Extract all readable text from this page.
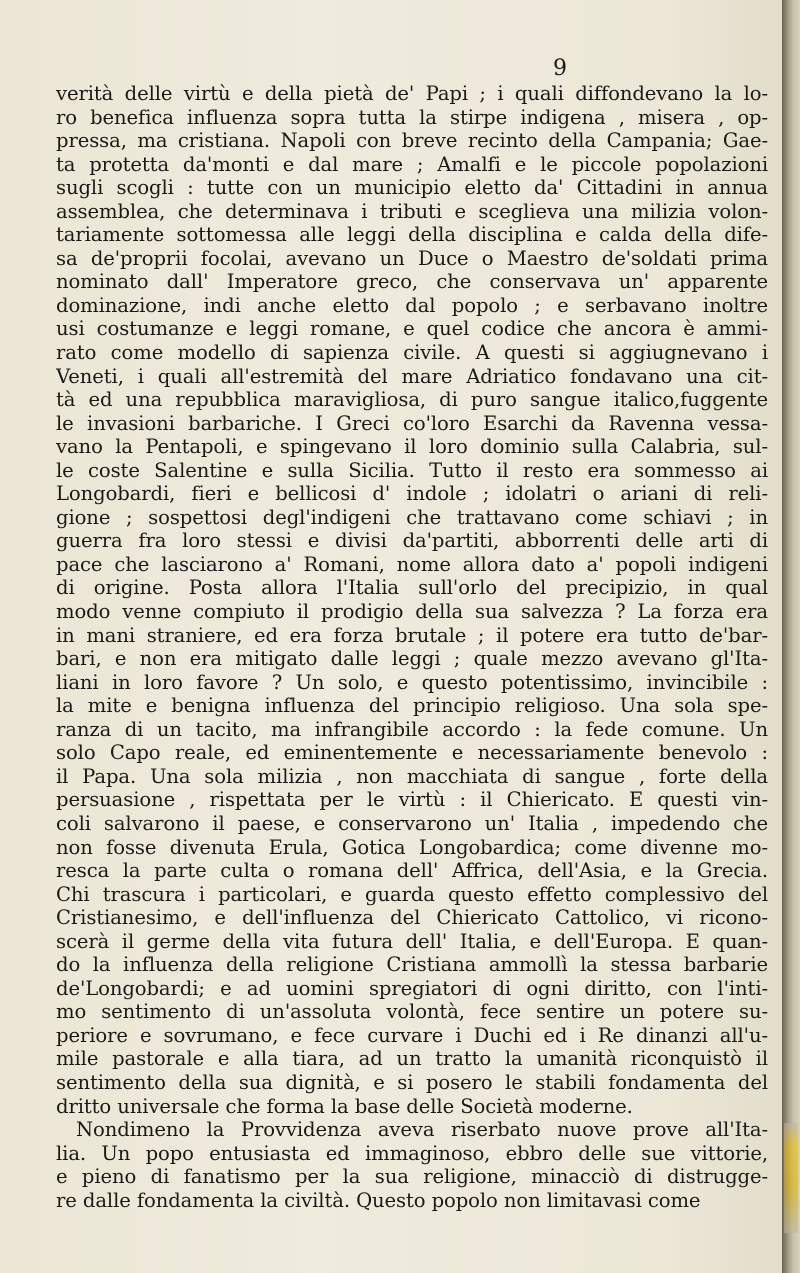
9
verità delle virtù e della pietà de' Papi ; i quali diffondevano la lo-
ro benefica influenza sopra tutta la stirpe indigena , misera , op-
pressa, ma cristiana. Napoli con breve recinto della Campania; Gae-
ta protetta da'monti e dal mare ; Amalfi e le piccole popolazioni
sugli scogli : tutte con un municipio eletto da' Cittadini in annua
assemblea, che determinava i tributi e sceglieva una milizia volon-
tariamente sottomessa alle leggi della disciplina e calda della dife-
sa de'proprii focolai, avevano un Duce o Maestro de'soldati prima
nominato dall' Imperatore greco, che conservava un' apparente
dominazione, indi anche eletto dal popolo ; e serbavano inoltre
usi costumanze e leggi romane, e quel codice che ancora è ammi-
rato come modello di sapienza civile. A questi si aggiugnevano i
Veneti, i quali all'estremità del mare Adriatico fondavano una cit-
tà ed una repubblica maravigliosa, di puro sangue italico,fuggente
le invasioni barbariche. I Greci co'loro Esarchi da Ravenna vessa-
vano la Pentapoli, e spingevano il loro dominio sulla Calabria, sul-
le coste Salentine e sulla Sicilia. Tutto il resto era sommesso ai
Longobardi, fieri e bellicosi d' indole ; idolatri o ariani di reli-
gione ; sospettosi degl'indigeni che trattavano come schiavi ; in
guerra fra loro stessi e divisi da'partiti, abborrenti delle arti di
pace che lasciarono a' Romani, nome allora dato a' popoli indigeni
di origine. Posta allora l'Italia sull'orlo del precipizio, in qual
modo venne compiuto il prodigio della sua salvezza ? La forza era
in mani straniere, ed era forza brutale ; il potere era tutto de'bar-
bari, e non era mitigato dalle leggi ; quale mezzo avevano gl'Ita-
liani in loro favore ? Un solo, e questo potentissimo, invincibile :
la mite e benigna influenza del principio religioso. Una sola spe-
ranza di un tacito, ma infrangibile accordo : la fede comune. Un
solo Capo reale, ed eminentemente e necessariamente benevolo :
il Papa. Una sola milizia , non macchiata di sangue , forte della
persuasione , rispettata per le virtù : il Chiericato. E questi vin-
coli salvarono il paese, e conservarono un' Italia , impedendo che
non fosse divenuta Erula, Gotica Longobardica; come divenne mo-
resca la parte culta o romana dell' Affrica, dell'Asia, e la Grecia.
Chi trascura i particolari, e guarda questo effetto complessivo del
Cristianesimo, e dell'influenza del Chiericato Cattolico, vi ricono-
scerà il germe della vita futura dell' Italia, e dell'Europa. E quan-
do la influenza della religione Cristiana ammollì la stessa barbarie
de'Longobardi; e ad uomini spregiatori di ogni diritto, con l'inti-
mo sentimento di un'assoluta volontà, fece sentire un potere su-
periore e sovrumano, e fece curvare i Duchi ed i Re dinanzi all'u-
mile pastorale e alla tiara, ad un tratto la umanità riconquistò il
sentimento della sua dignità, e si posero le stabili fondamenta del
dritto universale che forma la base delle Società moderne.
Nondimeno la Provvidenza aveva riserbato nuove prove all'Ita-
lia. Un popo entusiasta ed immaginoso, ebbro delle sue vittorie,
e pieno di fanatismo per la sua religione, minacciò di distrugge-
re dalle fondamenta la civiltà. Questo popolo non limitavasi come
